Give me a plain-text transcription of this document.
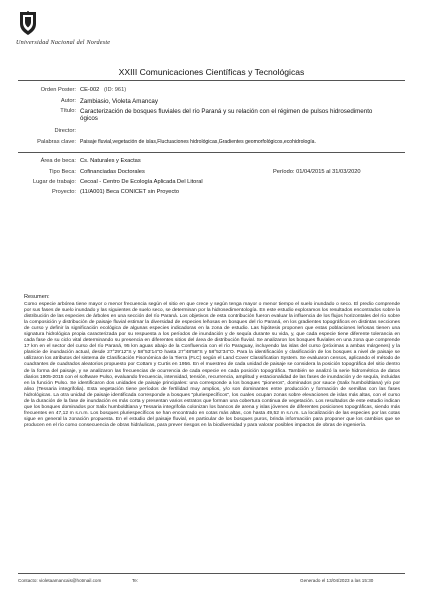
Universidad Nacional del Nordeste
XXIII Comunicaciones Científicas y Tecnológicas
Orden Poster: CE-002 (ID: 961)
Autor: Zambiasio, Violeta Amancay
Título: Caracterización de bosques fluviales del río Paraná y su relación con el régimen de pulsos hidrosedimento ógicos
Director:
Palabras clave: Paisaje fluvial,vegetación de islas,Fluctuaciones hidrológicas,Gradientes geomorfológicos,ecohidrología.
Área de beca: Cs. Naturales y Exactas
Tipo Beca: Cofinanciadas Doctorales	Período: 01/04/2015 al 31/03/2020
Lugar de trabajo: Cecoal - Centro De Ecología Aplicada Del Litoral
Proyecto: (11/A001) Beca CONICET sin Proyecto
Resumen:
Como especie arbórea tiene mayor o menor frecuencia según el sitio en que crece y según tenga mayor o menor tiempo el suelo inundado o seco. El predio comprende por sus fases de suelo inundado y las siguientes de suelo seco, se determinan por la hidrosedimentología. En este estudio exploramos los resultados encontrados sobre la distribución de las especies de árboles en una sección del río Paraná. Los objetivos de esta contribución fueron evaluar la influencia de los flujos horizontales del río sobre la composición y distribución de paisaje fluvial estimar la diversidad de especies leñosas en bosques del río Paraná, en los gradientes topográficos en distintas secciones de curso y definir la significación ecológica de algunas especies indicadoras en la zona de estudio. Las hipótesis proponen que estas poblaciones leñosas tienen una signatura hidrológica propia caracterizada por su respuesta a los períodos de inundación y de sequía durante su vida, y, que cada especie tiene diferente tolerancia en cada fase de su ciclo vital determinando su presencia en diferentes sitios del área de distribución fluvial. Se analizaron los bosques fluviales en una zona que comprende 17 km en el sector del curso del río Paraná, 95 km aguas abajo de la Confluencia con el río Paraguay, incluyendo las islas del curso (próximas a ambas márgenes) y la planicie de inundación actual, desde 27°29'12"S y 58°53'14"O hasta 27°48'58"S y 58°52'34"O. Para la identificación y clasificación de los bosques a nivel de paisaje se utilizaron los atributos del sistema de Clasificación Fisonómica de la Tierra (FLC) según el Land Cover Classification System. Se evaluaron censos, aplicando el método de cuadrantes de cuadrados aleatorios propuesto por Cottam y Curtis en 1956. En el muestreo de cada unidad de paisaje se considera la posición topográfica del sitio dentro de la forma del paisaje, y se analizaron las frecuencias de ocurrencia de cada especie en cada posición topográfica. También se analizó la serie hidrométrica de datos diarios 1905-2015 con el software Pulso, evaluando frecuencia, intensidad, tensión, recurrencia, amplitud y estacionalidad de las fases de inundación y de sequía, incluidas en la función Pulso. Se identificaron dos unidades de paisaje principales: una corresponde a los bosques "pioneros", dominados por sauce (Salix humboldtiana) y/o por aliso (Tessaria integrifolia). Esta vegetación tiene períodos de fertilidad muy amplios, y/o son dominantes entre producción y formación de semillas con las fases hidrológicas. La otra unidad de paisaje identificada corresponde a bosques "pluriespecíficos", los cuales ocupan zonas sobre elevaciones de islas más altas, con el curso de la duración de la fase de inundación es más corta y presentan varios estratos que forman una cobertura continua de vegetación. Los resultados de este estudio indican que los bosques dominados por Salix humboldtiana y Tessaria integrifolia colonizan los bancos de arena y islas jóvenes de diferentes posiciones topográficas, siendo más frecuentes en 47,12 m s.n.m. Los bosques pluriespecíficos se han encontrado en cotas más altas, con hasta 49,52 m s.n.m. La localización de las especies por las cotas sigue en general la zonación propuesta. En el estudio del paisaje fluvial, en particular de los bosques puros, brinda información para proponer que los cambios que se producen en el río como consecuencia de obras hidráulicas, para prever riesgos en la biodiversidad y para valorar posibles impactos de obras de ingeniería.
Contacto: violetaamancais@hotmail.com	Te:	Generado el 13/04/2023 a las 15:30
